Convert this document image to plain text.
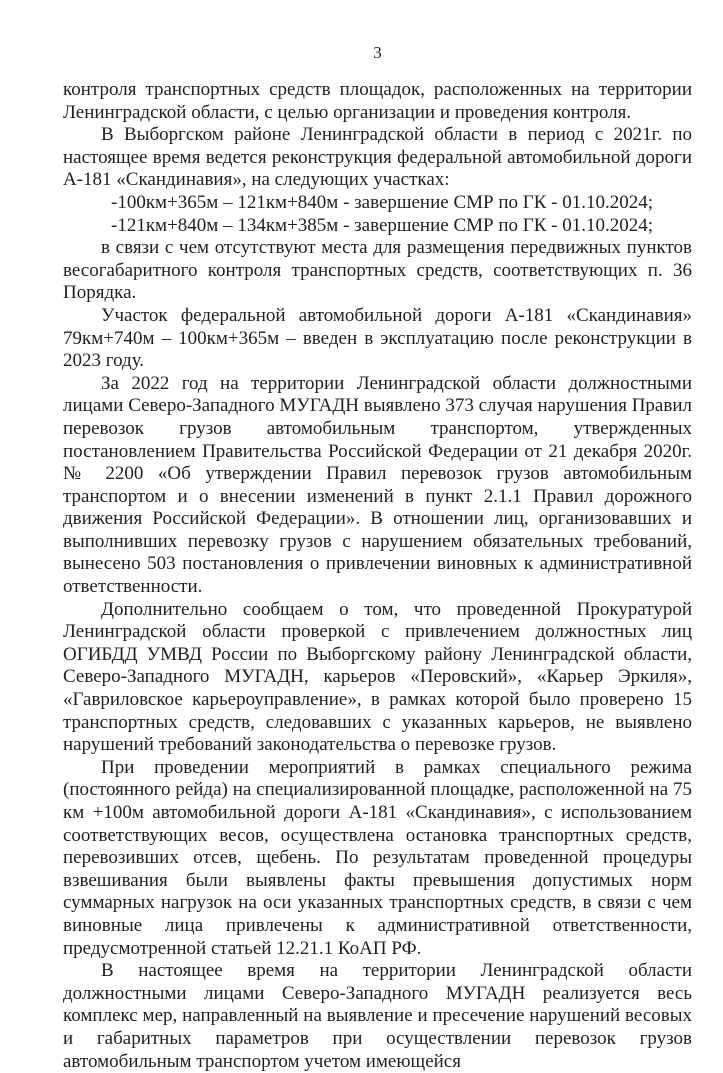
3

контроля транспортных средств площадок, расположенных на территории Ленинградской области, с целью организации и проведения контроля.

В Выборгском районе Ленинградской области в период с 2021г. по настоящее время ведется реконструкция федеральной автомобильной дороги А-181 «Скандинавия», на следующих участках:

-100км+365м – 121км+840м - завершение СМР по ГК - 01.10.2024;

-121км+840м – 134км+385м - завершение СМР по ГК - 01.10.2024;

в связи с чем отсутствуют места для размещения передвижных пунктов весогабаритного контроля транспортных средств, соответствующих п. 36 Порядка.

Участок федеральной автомобильной дороги А-181 «Скандинавия» 79км+740м – 100км+365м – введен в эксплуатацию после реконструкции в 2023 году.

За 2022 год на территории Ленинградской области должностными лицами Северо-Западного МУГАДН выявлено 373 случая нарушения Правил перевозок грузов автомобильным транспортом, утвержденных постановлением Правительства Российской Федерации от 21 декабря 2020г. № 2200 «Об утверждении Правил перевозок грузов автомобильным транспортом и о внесении изменений в пункт 2.1.1 Правил дорожного движения Российской Федерации». В отношении лиц, организовавших и выполнивших перевозку грузов с нарушением обязательных требований, вынесено 503 постановления о привлечении виновных к административной ответственности.

Дополнительно сообщаем о том, что проведенной Прокуратурой Ленинградской области проверкой с привлечением должностных лиц ОГИБДД УМВД России по Выборгскому району Ленинградской области, Северо-Западного МУГАДН, карьеров «Перовский», «Карьер Эркиля», «Гавриловское карьероуправление», в рамках которой было проверено 15 транспортных средств, следовавших с указанных карьеров, не выявлено нарушений требований законодательства о перевозке грузов.

При проведении мероприятий в рамках специального режима (постоянного рейда) на специализированной площадке, расположенной на 75 км +100м автомобильной дороги А-181 «Скандинавия», с использованием соответствующих весов, осуществлена остановка транспортных средств, перевозивших отсев, щебень. По результатам проведенной процедуры взвешивания были выявлены факты превышения допустимых норм суммарных нагрузок на оси указанных транспортных средств, в связи с чем виновные лица привлечены к административной ответственности, предусмотренной статьей 12.21.1 КоАП РФ.

В настоящее время на территории Ленинградской области должностными лицами Северо-Западного МУГАДН реализуется весь комплекс мер, направленный на выявление и пресечение нарушений весовых и габаритных параметров при осуществлении перевозок грузов автомобильным транспортом учетом имеющейся
